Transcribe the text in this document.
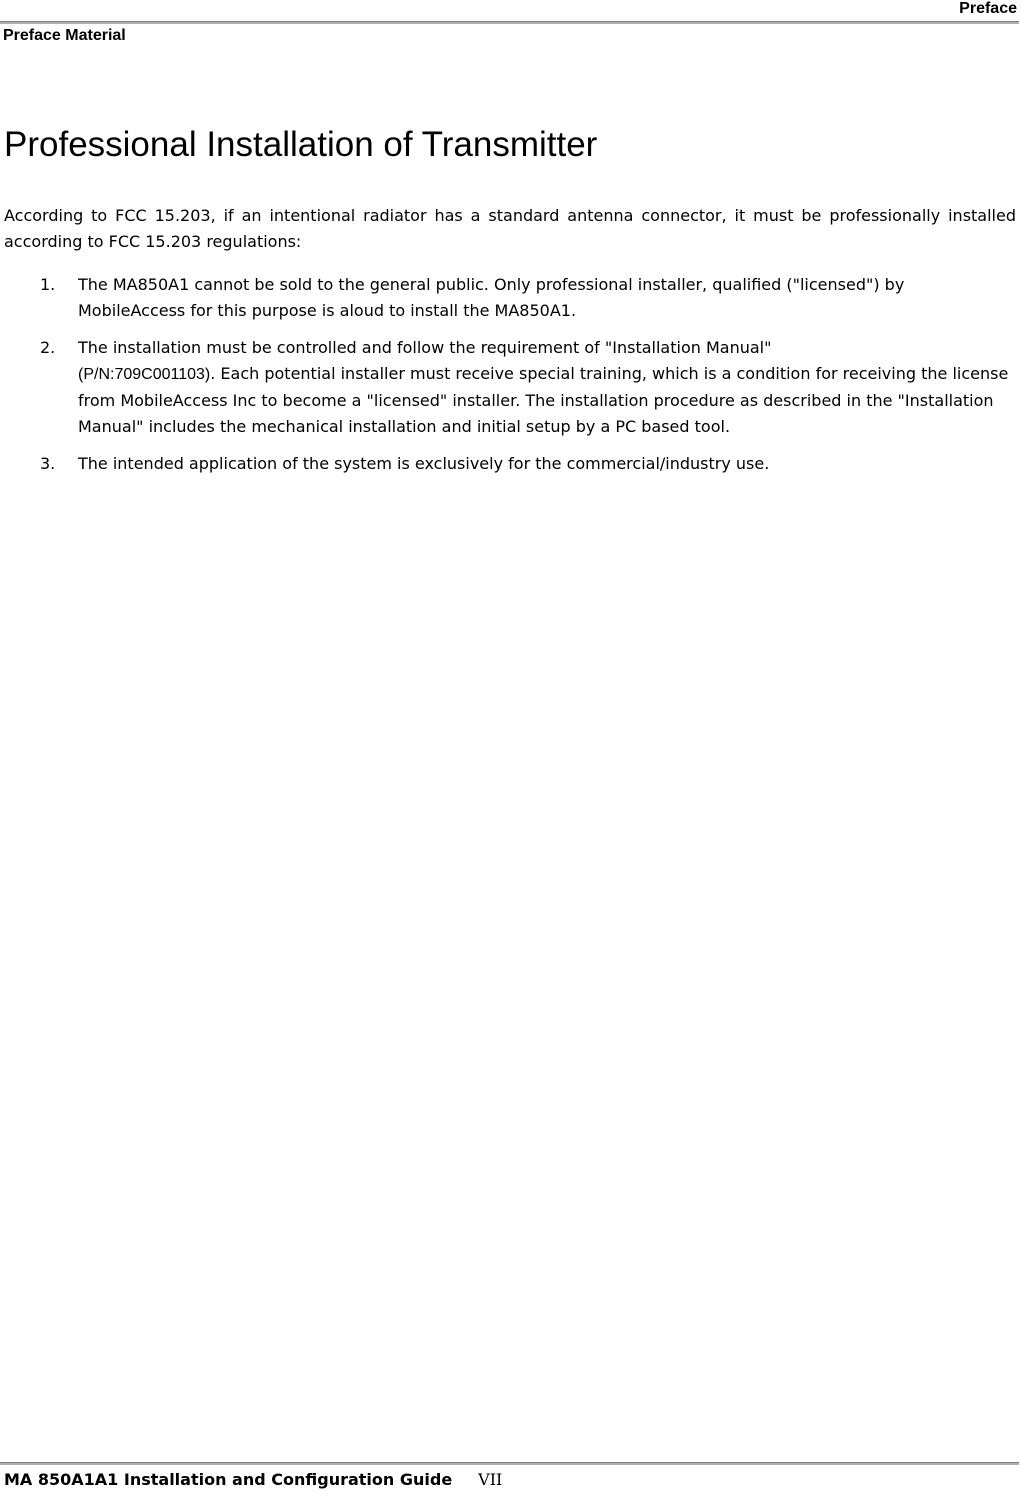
Preface
Preface Material
Professional Installation of Transmitter

According to FCC 15.203, if an intentional radiator has a standard antenna connector, it must be professionally installed according to FCC 15.203 regulations:

1. The MA850A1 cannot be sold to the general public. Only professional installer, qualified ("licensed") by MobileAccess for this purpose is aloud to install the MA850A1.
2. The installation must be controlled and follow the requirement of "Installation Manual"
(P/N:709C001103). Each potential installer must receive special training, which is a condition for receiving the license from MobileAccess Inc to become a "licensed" installer. The installation procedure as described in the "Installation Manual" includes the mechanical installation and initial setup by a PC based tool.
3. The intended application of the system is exclusively for the commercial/industry use.
MA 850A1A1 Installation and Configuration Guide VII
